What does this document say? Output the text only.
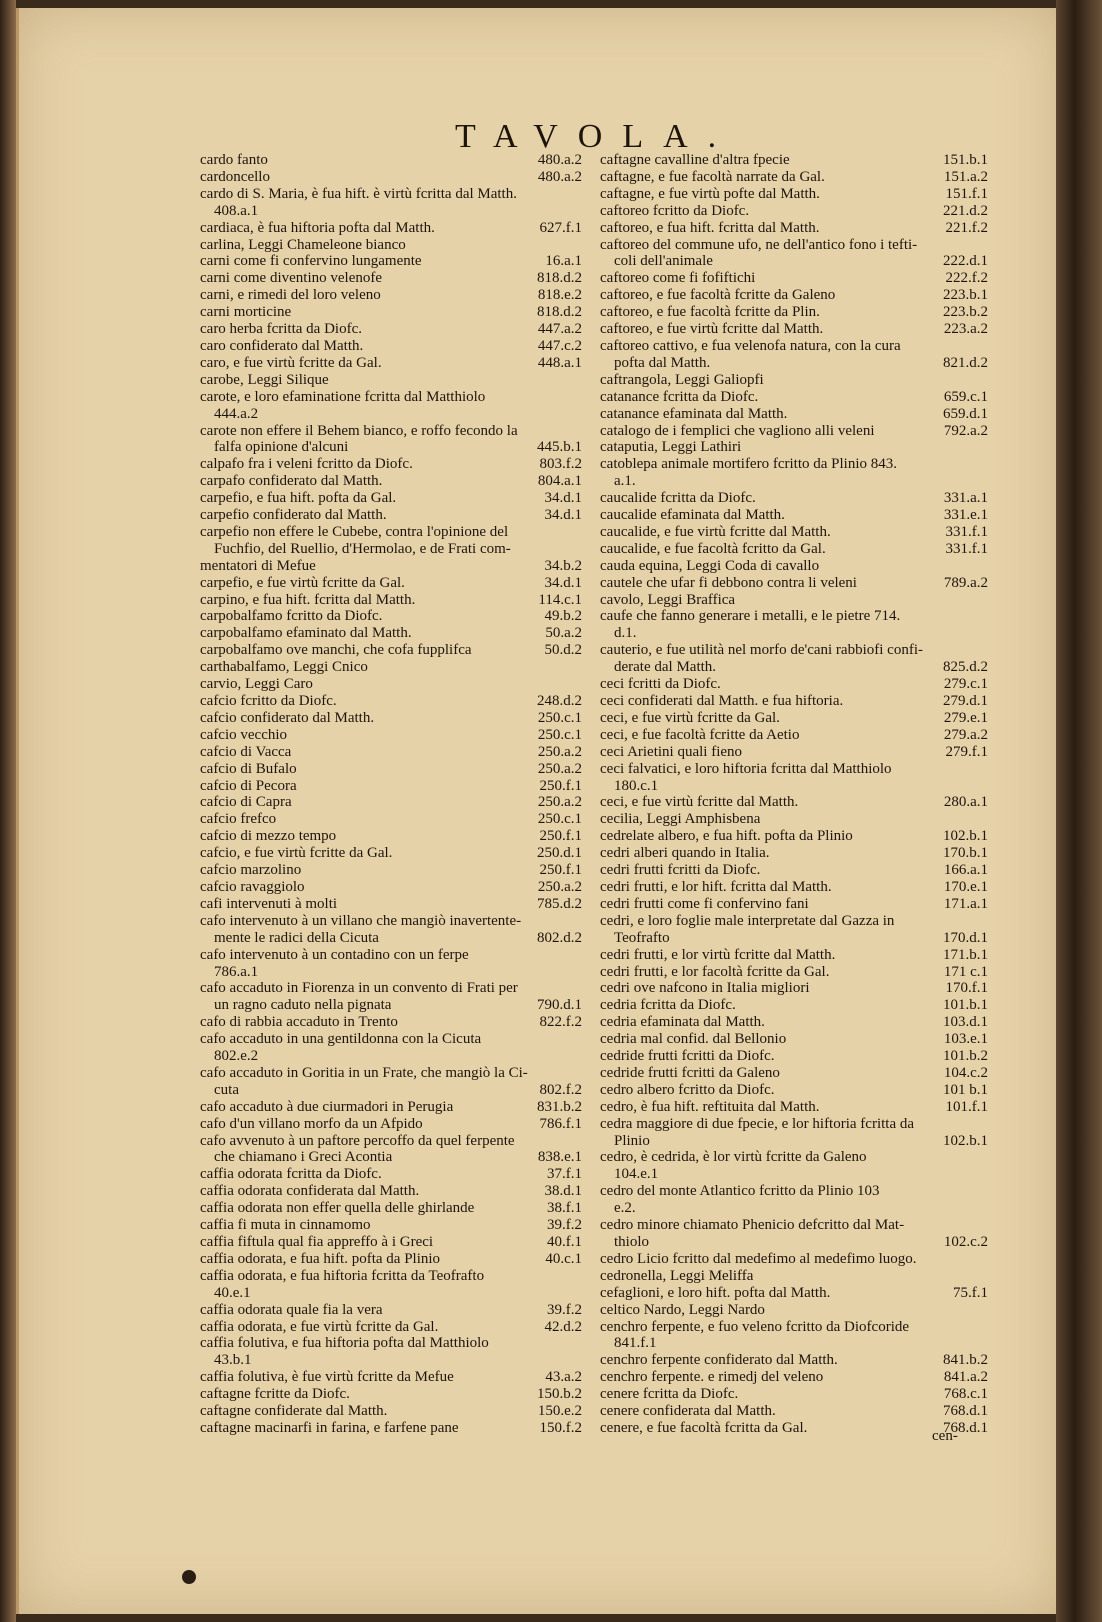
TAVOLA.
cardo fanto	480.a.2
cardoncello	480.a.2
cardo di S. Maria, è fua hift. è virtù fcritta dal Matth.
408.a.1
cardiaca, è fua hiftoria pofta dal Matth.	627.f.1
carlina, Leggi Chameleone bianco
carni come fi confervino lungamente	16.a.1
carni come diventino velenofe	818.d.2
carni, e rimedi del loro veleno	818.e.2
carni morticine	818.d.2
caro herba fcritta da Diofc.	447.a.2
caro confiderato dal Matth.	447.c.2
caro, e fue virtù fcritte da Gal.	448.a.1
carobe, Leggi Silique
carote, e loro efaminatione fcritta dal Matthiolo
444.a.2
carote non effere il Behem bianco, e roffo fecondo la
falfa opinione d'alcuni	445.b.1
calpafo fra i veleni fcritto da Diofc.	803.f.2
carpafo confiderato dal Matth.	804.a.1
carpefio, e fua hift. pofta da Gal.	34.d.1
carpefio confiderato dal Matth.	34.d.1
carpefio non effere le Cubebe, contra l'opinione del
Fuchfio, del Ruellio, d'Hermolao, e de Frati com-
mentatori di Mefue	34.b.2
carpefio, e fue virtù fcritte da Gal.	34.d.1
carpino, e fua hift. fcritta dal Matth.	114.c.1
carpobalfamo fcritto da Diofc.	49.b.2
carpobalfamo efaminato dal Matth.	50.a.2
carpobalfamo ove manchi, che cofa fupplifca	50.d.2
carthabalfamo, Leggi Cnico
carvio, Leggi Caro
cafcio fcritto da Diofc.	248.d.2
cafcio confiderato dal Matth.	250.c.1
cafcio vecchio	250.c.1
cafcio di Vacca	250.a.2
cafcio di Bufalo	250.a.2
cafcio di Pecora	250.f.1
cafcio di Capra	250.a.2
cafcio frefco	250.c.1
cafcio di mezzo tempo	250.f.1
cafcio, e fue virtù fcritte da Gal.	250.d.1
cafcio marzolino	250.f.1
cafcio ravaggiolo	250.a.2
cafi intervenuti à molti	785.d.2
cafo intervenuto à un villano che mangiò inavertente-
mente le radici della Cicuta	802.d.2
cafo intervenuto à un contadino con un ferpe
786.a.1
cafo accaduto in Fiorenza in un convento di Frati per
un ragno caduto nella pignata	790.d.1
cafo di rabbia accaduto in Trento	822.f.2
cafo accaduto in una gentildonna con la Cicuta
802.e.2
cafo accaduto in Goritia in un Frate, che mangiò la Ci-
cuta	802.f.2
cafo accaduto à due ciurmadori in Perugia	831.b.2
cafo d'un villano morfo da un Afpido	786.f.1
cafo avvenuto à un paftore percoffo da quel ferpente
che chiamano i Greci Acontia	838.e.1
caffia odorata fcritta da Diofc.	37.f.1
caffia odorata confiderata dal Matth.	38.d.1
caffia odorata non effer quella delle ghirlande	38.f.1
caffia fi muta in cinnamomo	39.f.2
caffia fiftula qual fia appreffo à i Greci	40.f.1
caffia odorata, e fua hift. pofta da Plinio	40.c.1
caffia odorata, e fua hiftoria fcritta da Teofrafto
40.e.1
caffia odorata quale fia la vera	39.f.2
caffia odorata, e fue virtù fcritte da Gal.	42.d.2
caffia folutiva, e fua hiftoria pofta dal Matthiolo
43.b.1
caffia folutiva, è fue virtù fcritte da Mefue	43.a.2
caftagne fcritte da Diofc.	150.b.2
caftagne confiderate dal Matth.	150.e.2
caftagne macinarfi in farina, e farfene pane	150.f.2
caftagne cavalline d'altra fpecie	151.b.1
caftagne, e fue facoltà narrate da Gal.	151.a.2
caftagne, e fue virtù pofte dal Matth.	151.f.1
caftoreo fcritto da Diofc.	221.d.2
caftoreo, e fua hift. fcritta dal Matth.	221.f.2
caftoreo del commune ufo, ne dell'antico fono i tefti-
coli dell'animale	222.d.1
caftoreo come fi fofiftichi	222.f.2
caftoreo, e fue facoltà fcritte da Galeno	223.b.1
caftoreo, e fue facoltà fcritte da Plin.	223.b.2
caftoreo, e fue virtù fcritte dal Matth.	223.a.2
caftoreo cattivo, e fua velenofa natura, con la cura
pofta dal Matth.	821.d.2
caftrangola, Leggi Galiopfi
catanance fcritta da Diofc.	659.c.1
catanance efaminata dal Matth.	659.d.1
catalogo de i femplici che vagliono alli veleni	792.a.2
cataputia, Leggi Lathiri
catoblepa animale mortifero fcritto da Plinio 843.
a.1.
caucalide fcritta da Diofc.	331.a.1
caucalide efaminata dal Matth.	331.e.1
caucalide, e fue virtù fcritte dal Matth.	331.f.1
caucalide, e fue facoltà fcritto da Gal.	331.f.1
cauda equina, Leggi Coda di cavallo
cautele che ufar fi debbono contra li veleni	789.a.2
cavolo, Leggi Braffica
caufe che fanno generare i metalli, e le pietre 714.
d.1.
cauterio, e fue utilità nel morfo de'cani rabbiofi confi-
derate dal Matth.	825.d.2
ceci fcritti da Diofc.	279.c.1
ceci confiderati dal Matth. e fua hiftoria.	279.d.1
ceci, e fue virtù fcritte da Gal.	279.e.1
ceci, e fue facoltà fcritte da Aetio	279.a.2
ceci Arietini quali fieno	279.f.1
ceci falvatici, e loro hiftoria fcritta dal Matthiolo
180.c.1
ceci, e fue virtù fcritte dal Matth.	280.a.1
cecilia, Leggi Amphisbena
cedrelate albero, e fua hift. pofta da Plinio	102.b.1
cedri alberi quando in Italia.	170.b.1
cedri frutti fcritti da Diofc.	166.a.1
cedri frutti, e lor hift. fcritta dal Matth.	170.e.1
cedri frutti come fi confervino fani	171.a.1
cedri, e loro foglie male interpretate dal Gazza in
Teofrafto	170.d.1
cedri frutti, e lor virtù fcritte dal Matth.	171.b.1
cedri frutti, e lor facoltà fcritte da Gal.	171 c.1
cedri ove nafcono in Italia migliori	170.f.1
cedria fcritta da Diofc.	101.b.1
cedria efaminata dal Matth.	103.d.1
cedria mal confid. dal Bellonio	103.e.1
cedride frutti fcritti da Diofc.	101.b.2
cedride frutti fcritti da Galeno	104.c.2
cedro albero fcritto da Diofc.	101 b.1
cedro, è fua hift. reftituita dal Matth.	101.f.1
cedra maggiore di due fpecie, e lor hiftoria fcritta da
Plinio	102.b.1
cedro, è cedrida, è lor virtù fcritte da Galeno
104.e.1
cedro del monte Atlantico fcritto da Plinio 103
e.2.
cedro minore chiamato Phenicio defcritto dal Mat-
thiolo	102.c.2
cedro Licio fcritto dal medefimo al medefimo luogo.
cedronella, Leggi Meliffa
cefaglioni, e loro hift. pofta dal Matth.	75.f.1
celtico Nardo, Leggi Nardo
cenchro ferpente, e fuo veleno fcritto da Diofcoride
841.f.1
cenchro ferpente confiderato dal Matth.	841.b.2
cenchro ferpente. e rimedj del veleno	841.a.2
cenere fcritta da Diofc.	768.c.1
cenere confiderata dal Matth.	768.d.1
cenere, e fue facoltà fcritta da Gal.	768.d.1
cen-
